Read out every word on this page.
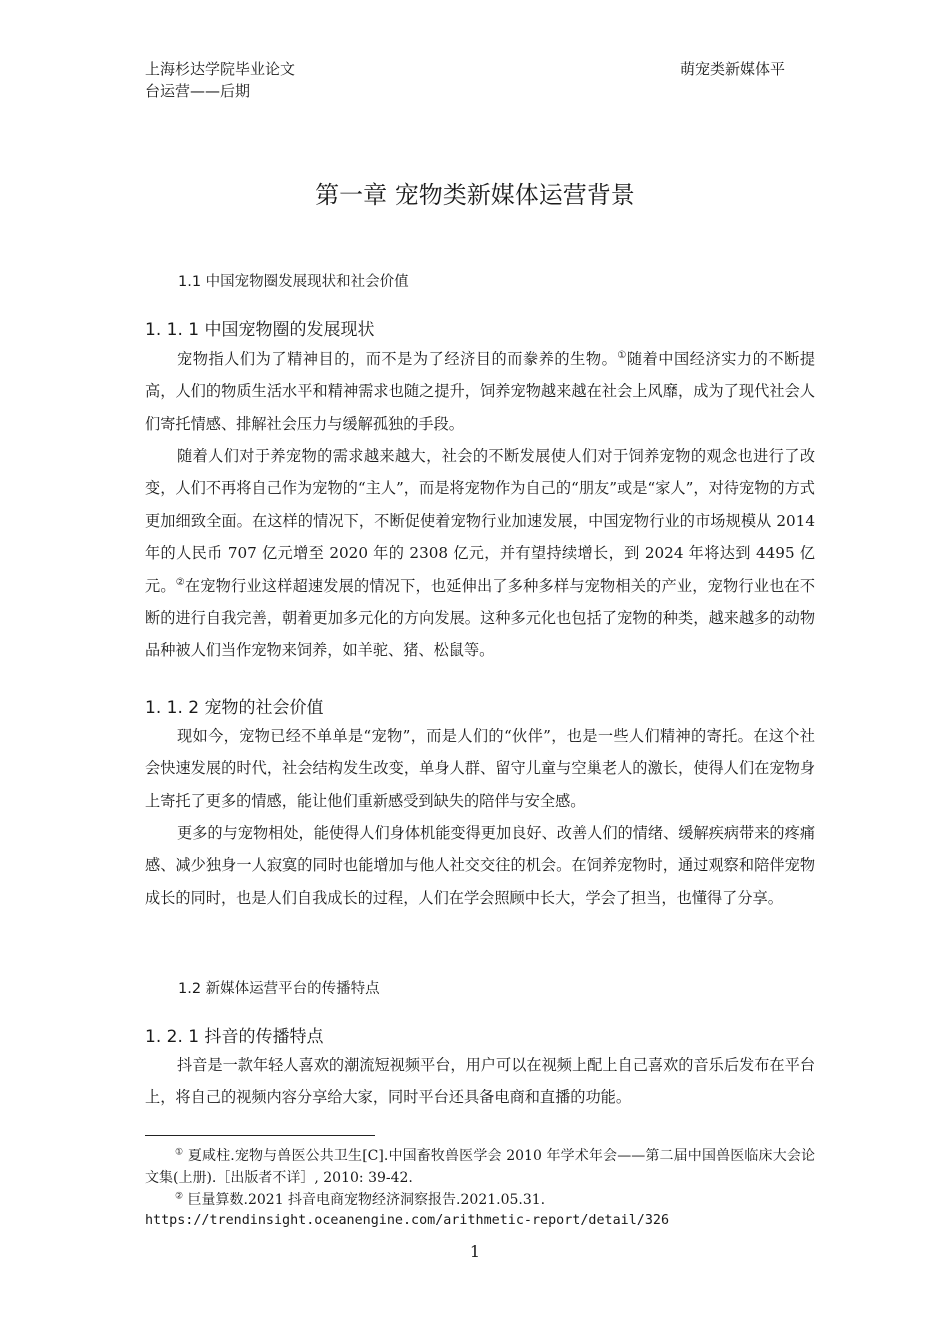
上海杉达学院毕业论文	萌宠类新媒体平
台运营——后期
第一章 宠物类新媒体运营背景
1.1 中国宠物圈发展现状和社会价值
1. 1. 1 中国宠物圈的发展现状

宠物指人们为了精神目的，而不是为了经济目的而豢养的生物。①随着中国经济实力的不断提高，人们的物质生活水平和精神需求也随之提升，饲养宠物越来越在社会上风靡，成为了现代社会人们寄托情感、排解社会压力与缓解孤独的手段。

随着人们对于养宠物的需求越来越大，社会的不断发展使人们对于饲养宠物的观念也进行了改变，人们不再将自己作为宠物的“主人”，而是将宠物作为自己的“朋友”或是“家人”，对待宠物的方式更加细致全面。在这样的情况下，不断促使着宠物行业加速发展，中国宠物行业的市场规模从 2014 年的人民币 707 亿元增至 2020 年的 2308 亿元，并有望持续增长，到 2024 年将达到 4495 亿元。②在宠物行业这样超速发展的情况下，也延伸出了多种多样与宠物相关的产业，宠物行业也在不断的进行自我完善，朝着更加多元化的方向发展。这种多元化也包括了宠物的种类，越来越多的动物品种被人们当作宠物来饲养，如羊驼、猪、松鼠等。

1. 1. 2 宠物的社会价值

现如今，宠物已经不单单是“宠物”，而是人们的“伙伴”，也是一些人们精神的寄托。在这个社会快速发展的时代，社会结构发生改变，单身人群、留守儿童与空巢老人的激长，使得人们在宠物身上寄托了更多的情感，能让他们重新感受到缺失的陪伴与安全感。

更多的与宠物相处，能使得人们身体机能变得更加良好、改善人们的情绪、缓解疾病带来的疼痛感、减少独身一人寂寞的同时也能增加与他人社交交往的机会。在饲养宠物时，通过观察和陪伴宠物成长的同时，也是人们自我成长的过程，人们在学会照顾中长大，学会了担当，也懂得了分享。

1.2 新媒体运营平台的传播特点
1. 2. 1 抖音的传播特点

抖音是一款年轻人喜欢的潮流短视频平台，用户可以在视频上配上自己喜欢的音乐后发布在平台上，将自己的视频内容分享给大家，同时平台还具备电商和直播的功能。

① 夏咸柱.宠物与兽医公共卫生[C].中国畜牧兽医学会 2010 年学术年会——第二届中国兽医临床大会论文集(上册).［出版者不详］, 2010: 39-42.

② 巨量算数.2021 抖音电商宠物经济洞察报告.2021.05.31.

https://trendinsight.oceanengine.com/arithmetic-report/detail/326
1
